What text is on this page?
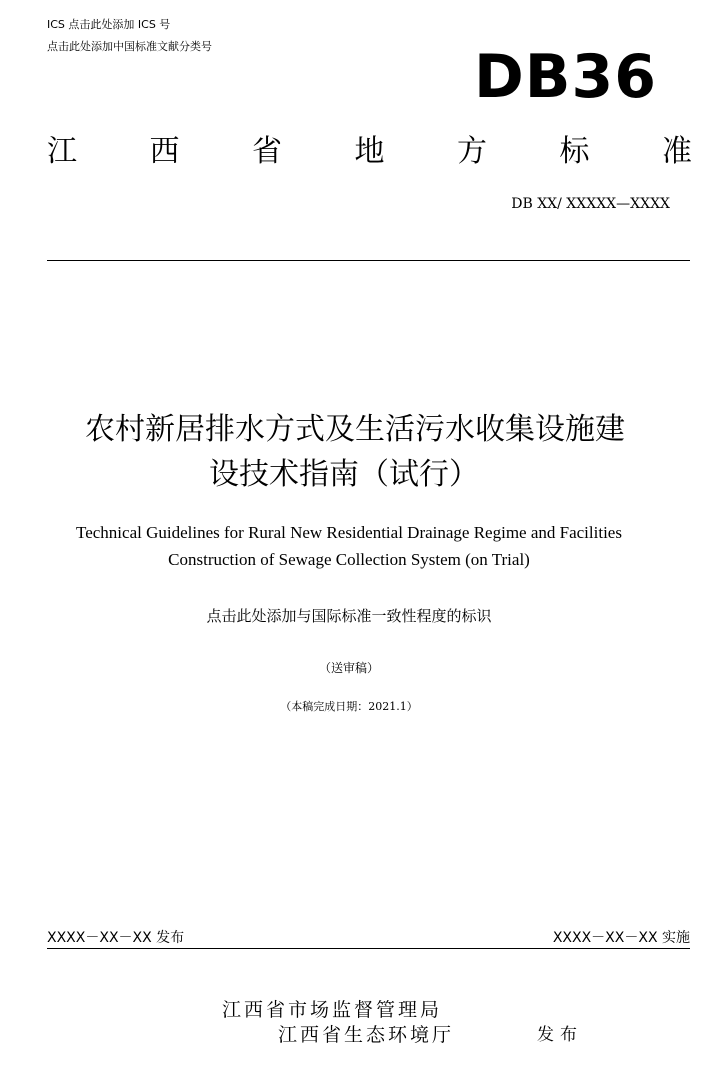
ICS 点击此处添加 ICS 号
点击此处添加中国标准文献分类号	DB36
江 西 省 地 方 标 准
DB XX/ XXXXX—XXXX
农村新居排水方式及生活污水收集设施建
设技术指南（试行）
Technical Guidelines for Rural New Residential Drainage Regime and Facilities
Construction of Sewage Collection System (on Trial)
点击此处添加与国际标准一致性程度的标识
（送审稿）
（本稿完成日期：2021.1）
XXXX－XX－XX 发布	XXXX－XX－XX 实施
江西省市场监督管理局
江西省生态环境厅	发布
